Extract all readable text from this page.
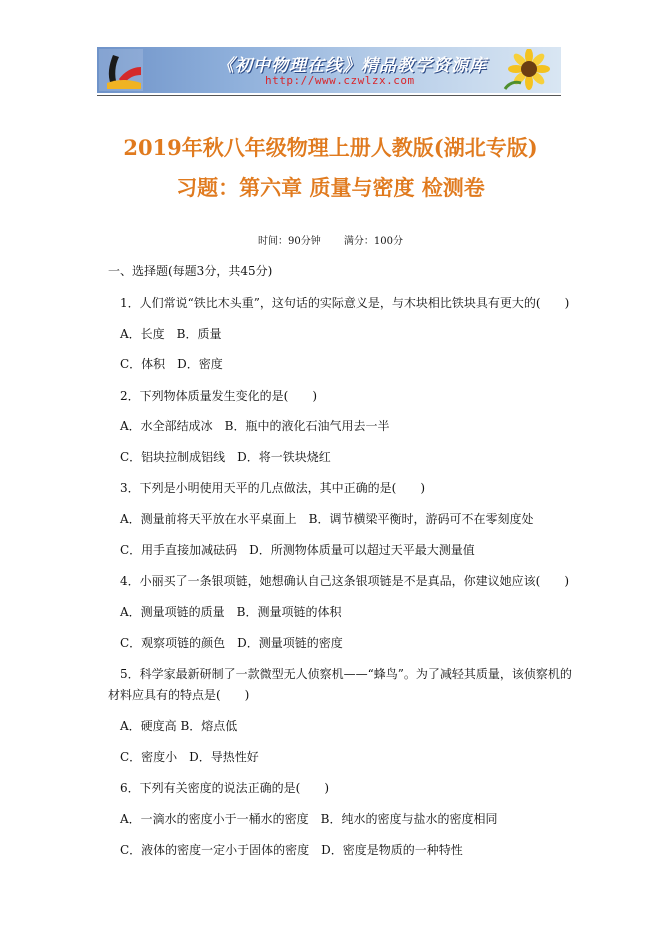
《初中物理在线》精品教学资源库
http://www.czwlzx.com
2019年秋八年级物理上册人教版(湖北专版)
习题：第六章 质量与密度 检测卷
时间：90分钟 满分：100分
一、选择题(每题3分，共45分)
1．人们常说“铁比木头重”，这句话的实际意义是，与木块相比铁块具有更大的(　　)
A．长度　B．质量
C．体积　D．密度
2．下列物体质量发生变化的是(　　)
A．水全部结成冰　B．瓶中的液化石油气用去一半
C．铝块拉制成铝线　D．将一铁块烧红
3．下列是小明使用天平的几点做法，其中正确的是(　　)
A．测量前将天平放在水平桌面上　B．调节横梁平衡时，游码可不在零刻度处
C．用手直接加减砝码　D．所测物体质量可以超过天平最大测量值
4．小丽买了一条银项链，她想确认自己这条银项链是不是真品，你建议她应该(　　)
A．测量项链的质量　B．测量项链的体积
C．观察项链的颜色　D．测量项链的密度
5．科学家最新研制了一款微型无人侦察机——“蜂鸟”。为了减轻其质量，该侦察机的
材料应具有的特点是(　　)
A．硬度高 B．熔点低
C．密度小　D．导热性好
6．下列有关密度的说法正确的是(　　)
A．一滴水的密度小于一桶水的密度　B．纯水的密度与盐水的密度相同
C．液体的密度一定小于固体的密度　D．密度是物质的一种特性
